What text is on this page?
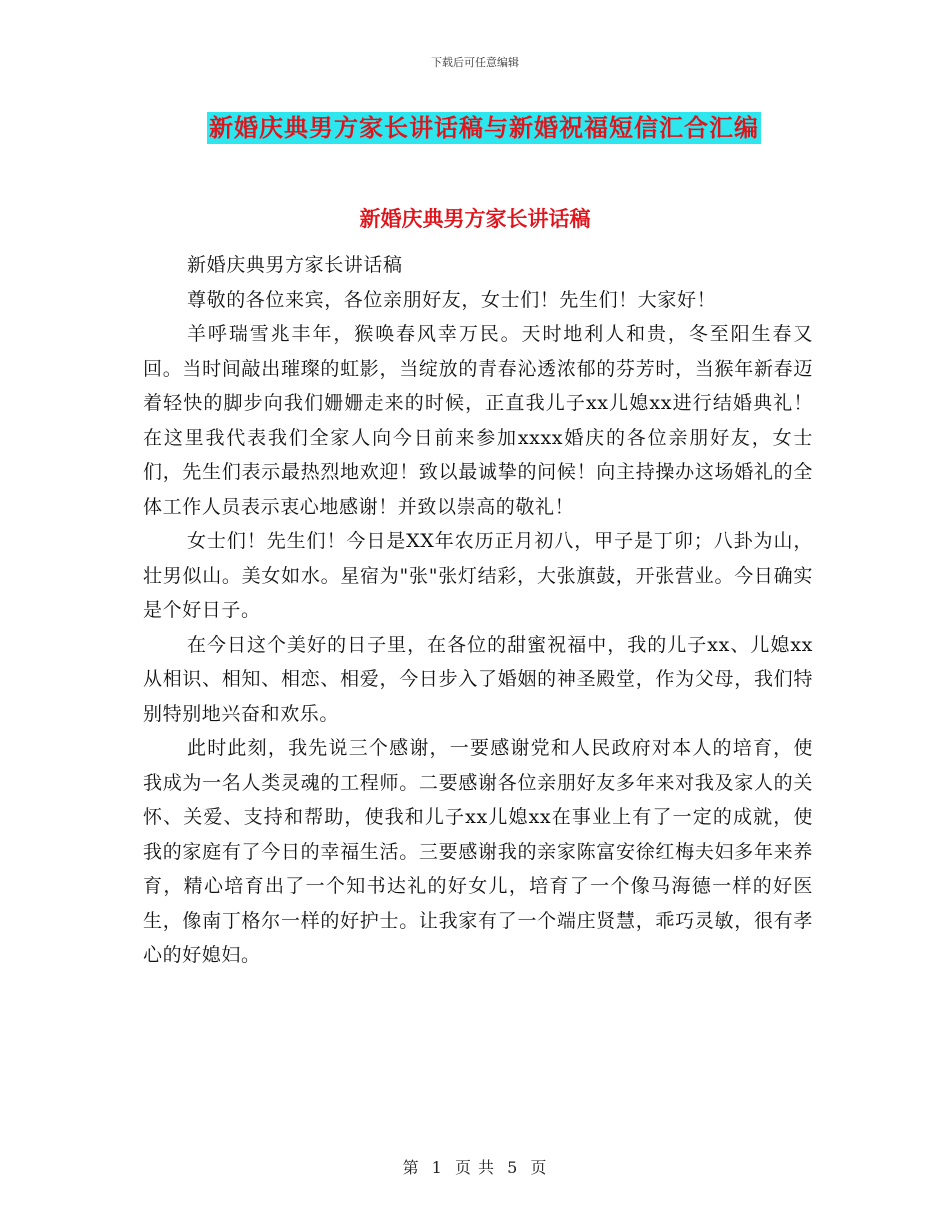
下载后可任意编辑
新婚庆典男方家长讲话稿与新婚祝福短信汇合汇编
新婚庆典男方家长讲话稿

新婚庆典男方家长讲话稿

尊敬的各位来宾，各位亲朋好友，女士们！先生们！大家好！

羊呼瑞雪兆丰年，猴唤春风幸万民。天时地利人和贵，冬至阳生春又回。当时间敲出璀璨的虹影，当绽放的青春沁透浓郁的芬芳时，当猴年新春迈着轻快的脚步向我们姗姗走来的时候，正直我儿子xx儿媳xx进行结婚典礼！在这里我代表我们全家人向今日前来参加xxxx婚庆的各位亲朋好友，女士们，先生们表示最热烈地欢迎！致以最诚挚的问候！向主持操办这场婚礼的全体工作人员表示衷心地感谢！并致以崇高的敬礼！

女士们！先生们！今日是XX年农历正月初八，甲子是丁卯；八卦为山，壮男似山。美女如水。星宿为"张"张灯结彩，大张旗鼓，开张营业。今日确实是个好日子。

在今日这个美好的日子里，在各位的甜蜜祝福中，我的儿子xx、儿媳xx从相识、相知、相恋、相爱，今日步入了婚姻的神圣殿堂，作为父母，我们特别特别地兴奋和欢乐。

此时此刻，我先说三个感谢，一要感谢党和人民政府对本人的培育，使我成为一名人类灵魂的工程师。二要感谢各位亲朋好友多年来对我及家人的关怀、关爱、支持和帮助，使我和儿子xx儿媳xx在事业上有了一定的成就，使我的家庭有了今日的幸福生活。三要感谢我的亲家陈富安徐红梅夫妇多年来养育，精心培育出了一个知书达礼的好女儿，培育了一个像马海德一样的好医生，像南丁格尔一样的好护士。让我家有了一个端庄贤慧，乖巧灵敏，很有孝心的好媳妇。

第 1 页 共 5 页
